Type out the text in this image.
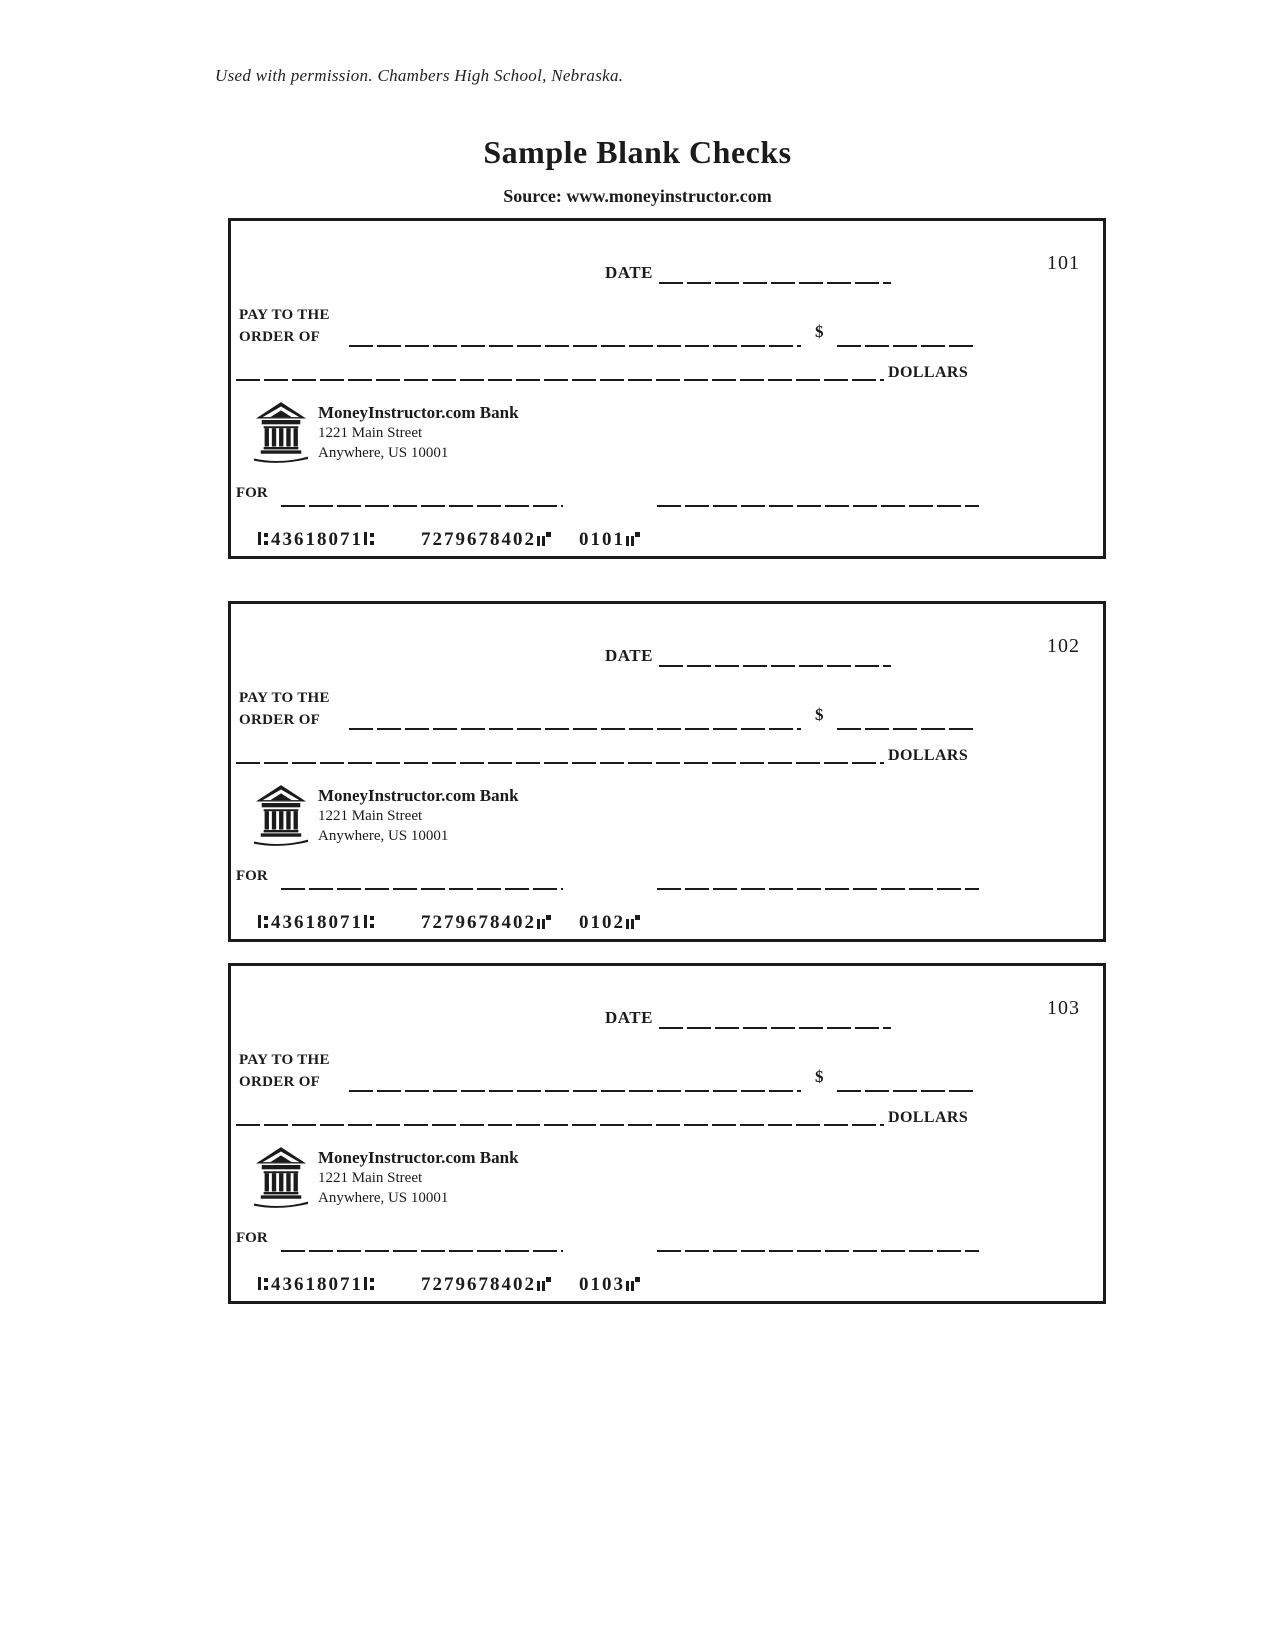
Used with permission. Chambers High School, Nebraska.
Sample Blank Checks
Source: www.moneyinstructor.com
101
DATE
PAY TO THE
ORDER OF	$
DOLLARS
MoneyInstructor.com Bank
1221 Main Street
Anywhere, US 10001
FOR
43618071	7279678402	0101
102
DATE
PAY TO THE
ORDER OF	$
DOLLARS
MoneyInstructor.com Bank
1221 Main Street
Anywhere, US 10001
FOR
43618071	7279678402	0102
103
DATE
PAY TO THE
ORDER OF	$
DOLLARS
MoneyInstructor.com Bank
1221 Main Street
Anywhere, US 10001
FOR
43618071	7279678402	0103
